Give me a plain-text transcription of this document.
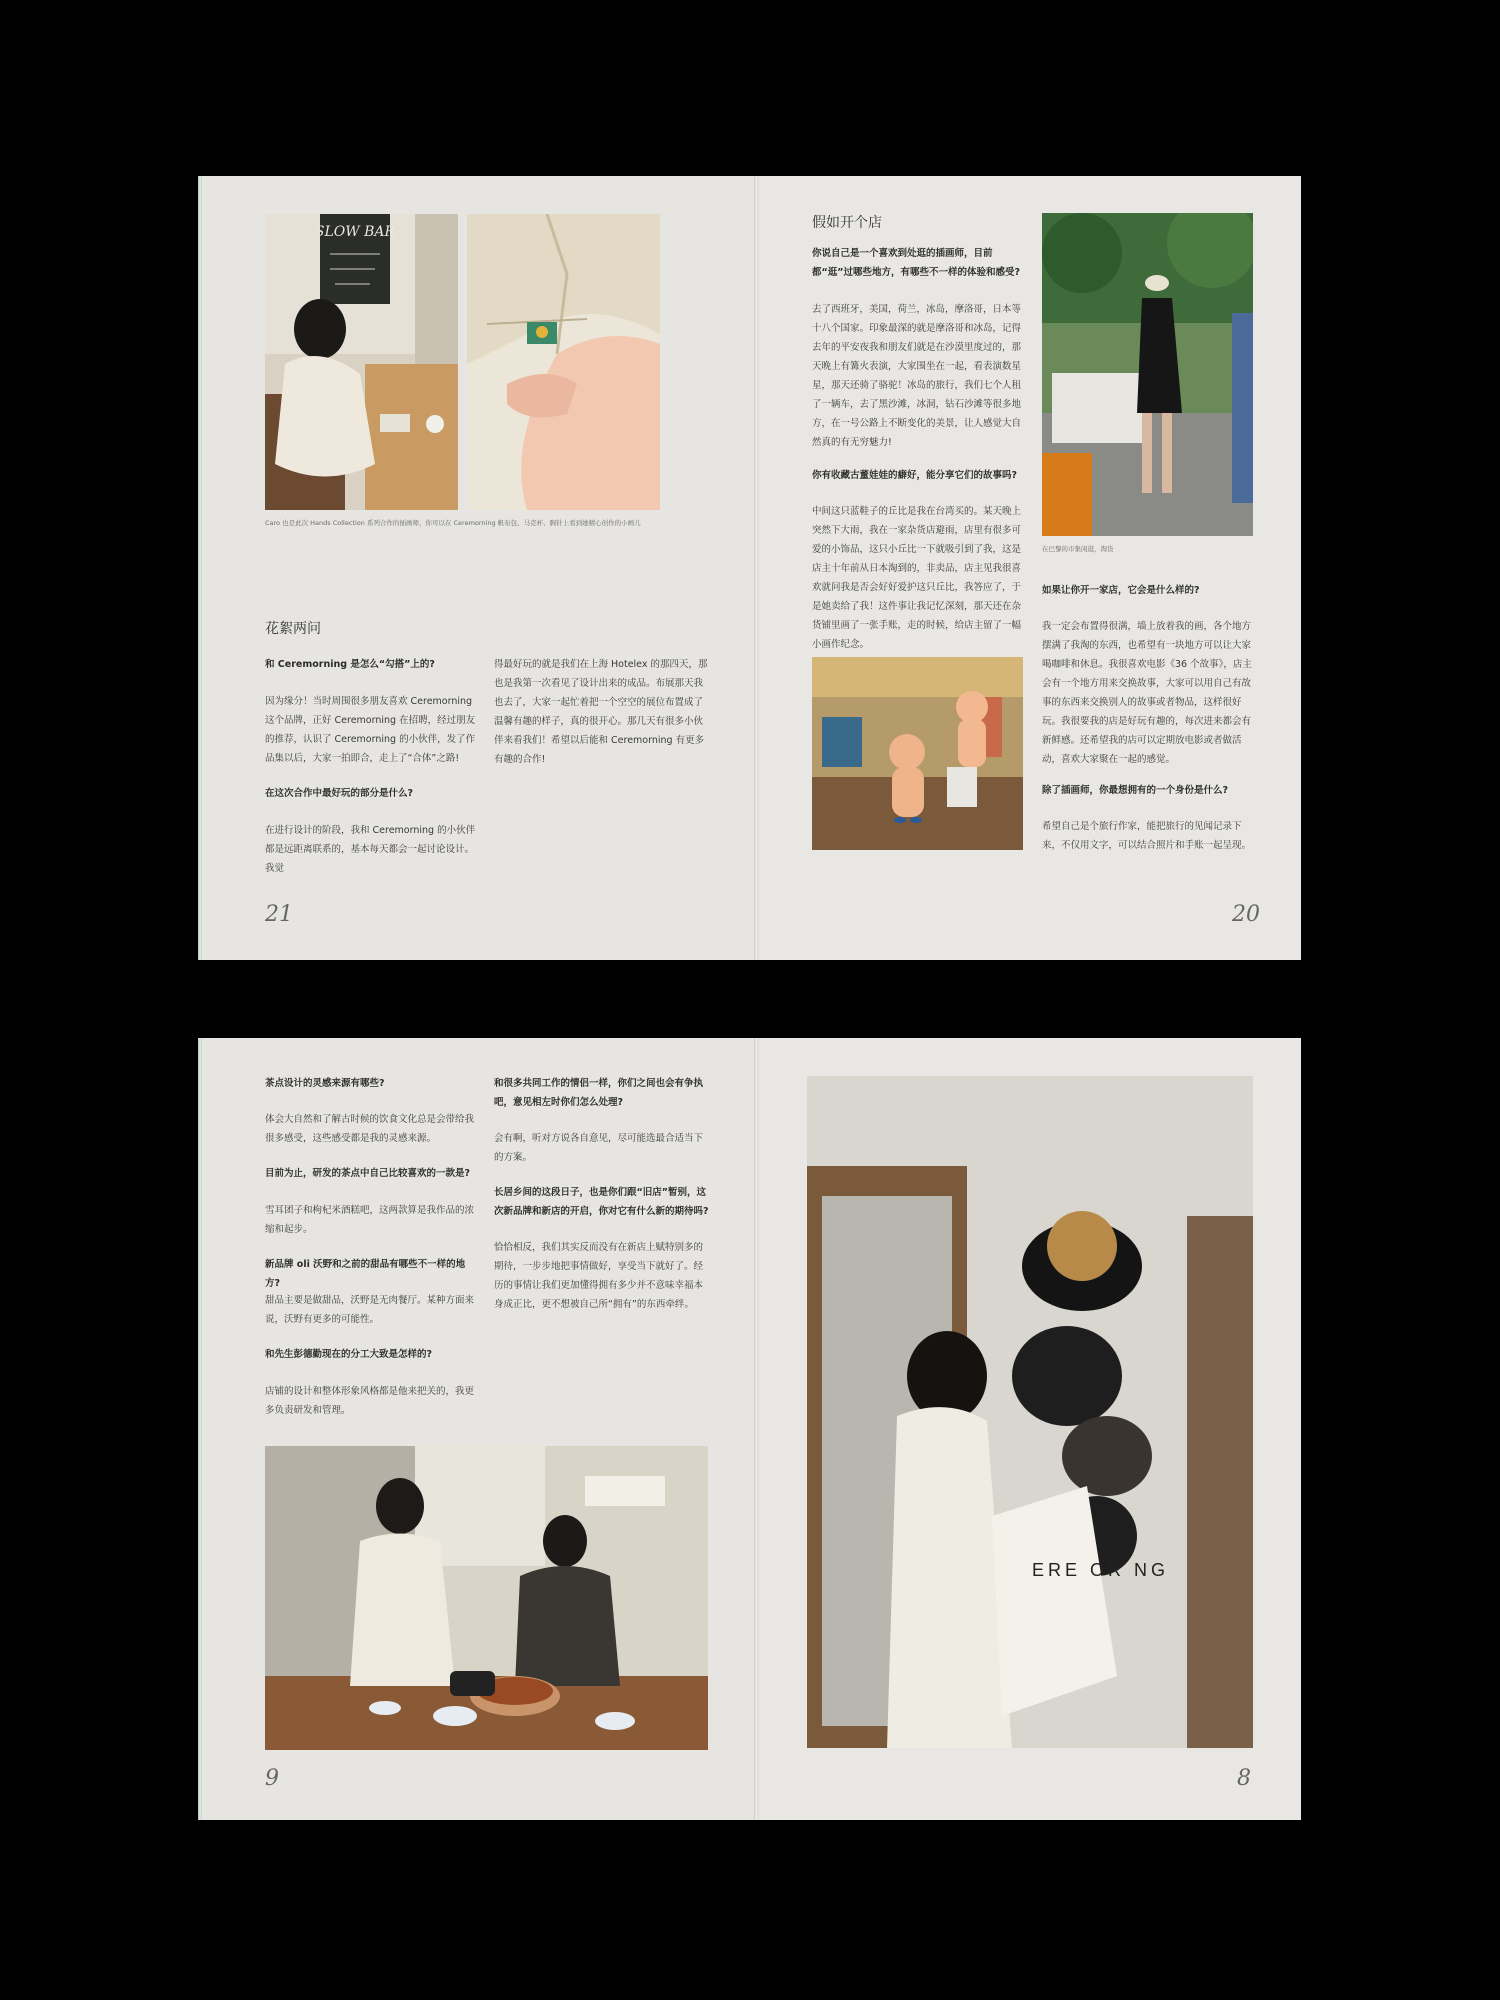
SLOW BAR
Caro 也是此次 Hands Collection 系列合作的插画师，你可以在 Ceremorning 帆布包、马克杯、胸针上看到她精心创作的小画儿
花絮两问
和 Ceremorning 是怎么“勾搭”上的?
因为缘分！当时周围很多朋友喜欢 Ceremorning 这个品牌，正好 Ceremorning 在招聘，经过朋友的推荐，认识了 Ceremorning 的小伙伴，发了作品集以后，大家一拍即合，走上了“合体”之路!
在这次合作中最好玩的部分是什么?
在进行设计的阶段，我和 Ceremorning 的小伙伴都是远距离联系的，基本每天都会一起讨论设计。我觉
得最好玩的就是我们在上海 Hotelex 的那四天，那也是我第一次看见了设计出来的成品。布展那天我也去了，大家一起忙着把一个空空的展位布置成了温馨有趣的样子，真的很开心。那几天有很多小伙伴来看我们！希望以后能和 Ceremorning 有更多有趣的合作!
21
假如开个店
你说自己是一个喜欢到处逛的插画师，目前都“逛”过哪些地方，有哪些不一样的体验和感受?
去了西班牙，美国，荷兰，冰岛，摩洛哥，日本等十八个国家。印象最深的就是摩洛哥和冰岛，记得去年的平安夜我和朋友们就是在沙漠里度过的，那天晚上有篝火表演，大家围坐在一起，看表演数星星，那天还骑了骆驼！冰岛的旅行，我们七个人租了一辆车，去了黑沙滩，冰洞，钻石沙滩等很多地方，在一号公路上不断变化的美景，让人感觉大自然真的有无穷魅力!
你有收藏古董娃娃的癖好，能分享它们的故事吗?
中间这只蓝鞋子的丘比是我在台湾买的。某天晚上突然下大雨，我在一家杂货店避雨，店里有很多可爱的小饰品，这只小丘比一下就吸引到了我，这是店主十年前从日本淘到的，非卖品，店主见我很喜欢就问我是否会好好爱护这只丘比，我答应了，于是她卖给了我！这件事让我记忆深刻，那天还在杂货铺里画了一张手账，走的时候，给店主留了一幅小画作纪念。
在巴黎的市集闲逛，淘货
如果让你开一家店，它会是什么样的?
我一定会布置得很满，墙上放着我的画，各个地方摆满了我淘的东西，也希望有一块地方可以让大家喝咖啡和休息。我很喜欢电影《36 个故事》，店主会有一个地方用来交换故事，大家可以用自己有故事的东西来交换别人的故事或者物品，这样很好玩。我很要我的店是好玩有趣的，每次进来都会有新鲜感。还希望我的店可以定期放电影或者做活动，喜欢大家聚在一起的感觉。
除了插画师，你最想拥有的一个身份是什么?
希望自己是个旅行作家，能把旅行的见闻记录下来，不仅用文字，可以结合照片和手账一起呈现。
20
茶点设计的灵感来源有哪些?
体会大自然和了解古时候的饮食文化总是会带给我很多感受，这些感受都是我的灵感来源。
目前为止，研发的茶点中自己比较喜欢的一款是?
雪耳团子和枸杞米酒糕吧，这两款算是我作品的浓缩和起步。
新品牌 oli 沃野和之前的甜品有哪些不一样的地方?
甜品主要是做甜品，沃野是无肉餐厅。某种方面来说，沃野有更多的可能性。
和先生彭德勤现在的分工大致是怎样的?
店铺的设计和整体形象风格都是他来把关的，我更多负责研发和管理。
和很多共同工作的情侣一样，你们之间也会有争执吧，意见相左时你们怎么处理?
会有啊，听对方说各自意见，尽可能选最合适当下的方案。
长居乡间的这段日子，也是你们跟“旧店”暂别，这次新品牌和新店的开启，你对它有什么新的期待吗?
恰恰相反，我们其实反而没有在新店上赋特别多的期待，一步步地把事情做好，享受当下就好了。经历的事情让我们更加懂得拥有多少并不意味幸福本身成正比，更不想被自己所“拥有”的东西牵绊。
9
ERE OR NG
8
